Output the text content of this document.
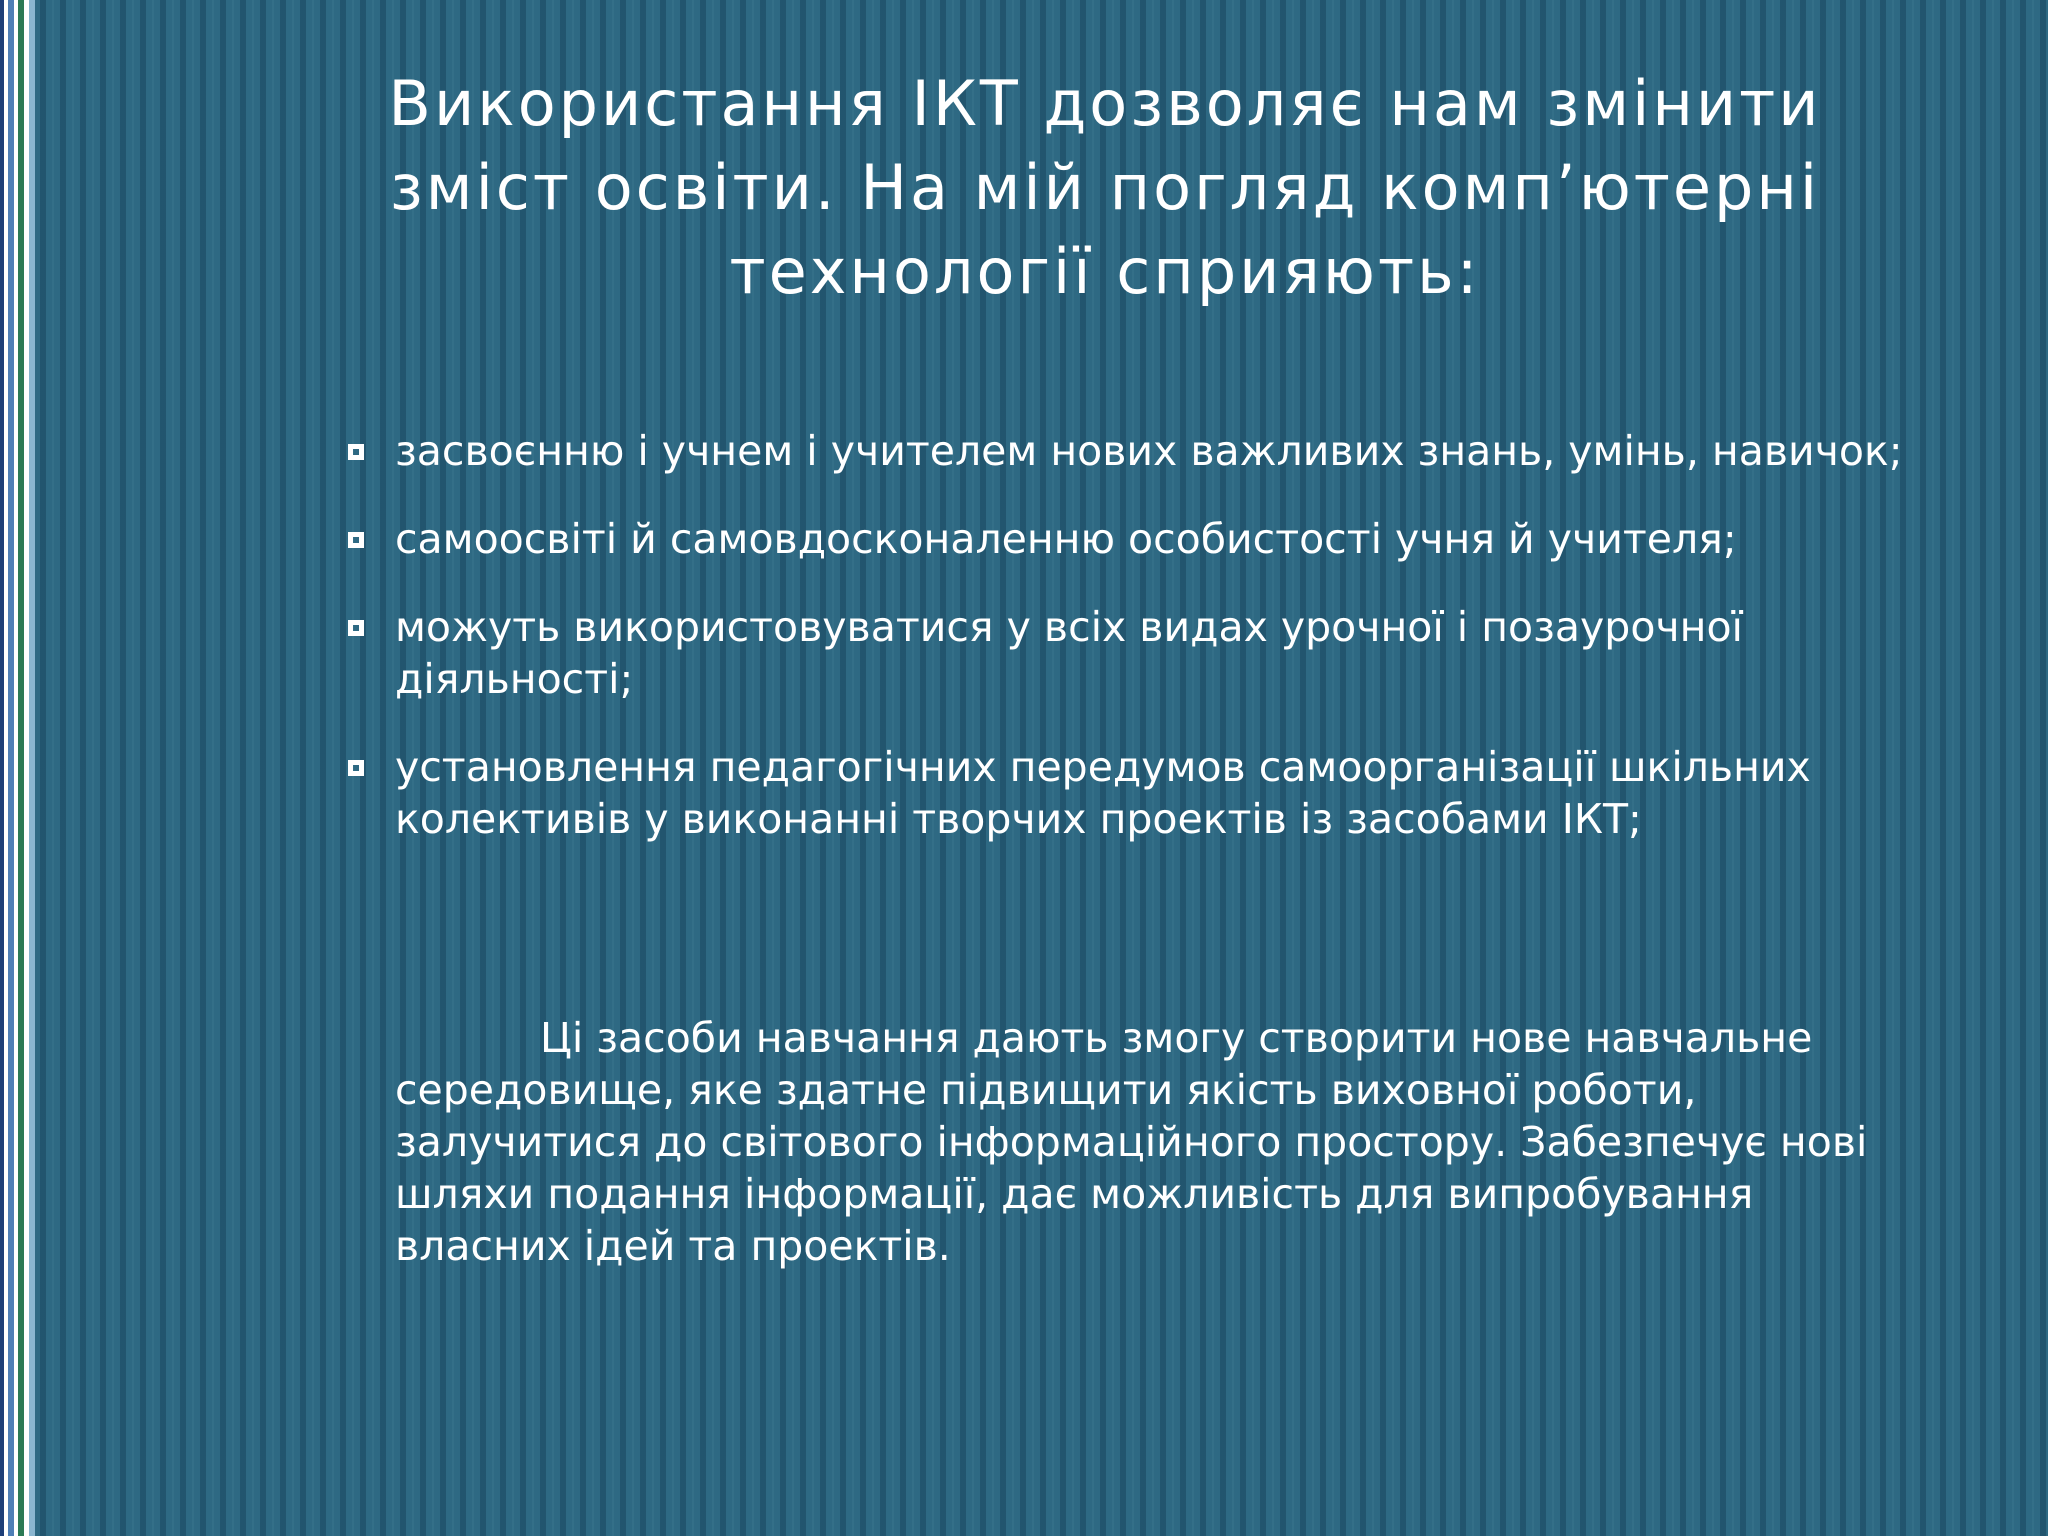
Використання ІКТ дозволяє нам змінити зміст освіти. На мій погляд комп’ютерні технології сприяють:
засвоєнню і учнем і учителем нових важливих знань, умінь, навичок;
самоосвіті й самовдосконаленню особистості учня й учителя;
можуть використовуватися у всіх видах урочної і позаурочної діяльності;
установлення педагогічних передумов самоорганізації шкільних колективів у виконанні творчих проектів із засобами ІКТ;

Ці засоби навчання дають змогу створити нове навчальне середовище, яке здатне підвищити якість виховної роботи, залучитися до світового інформаційного простору. Забезпечує нові шляхи подання інформації, дає можливість для випробування власних ідей та проектів.
